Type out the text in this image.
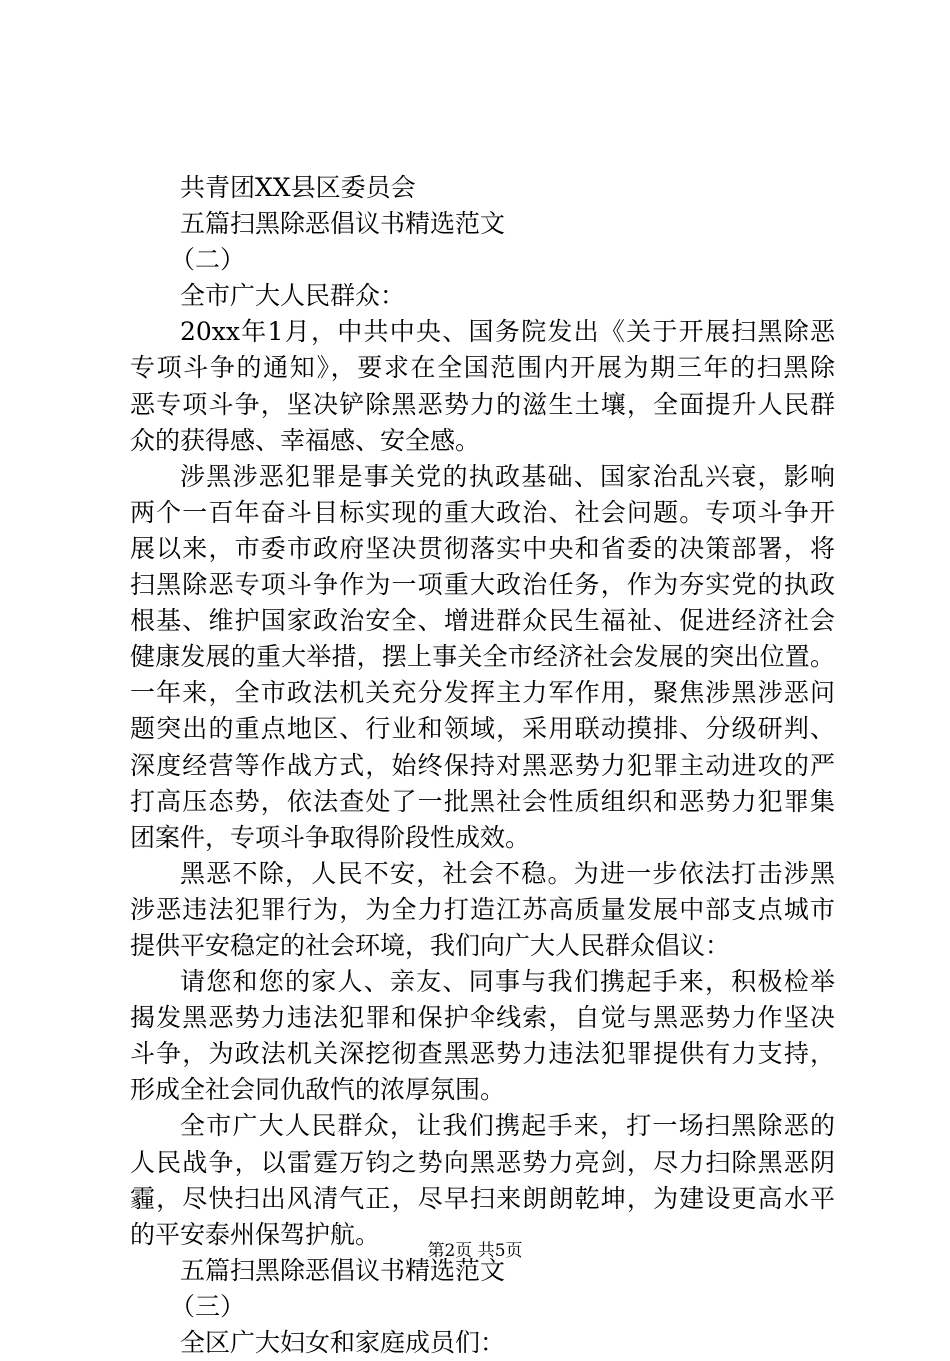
共青团XX县区委员会

五篇扫黑除恶倡议书精选范文

（二）

全市广大人民群众：

20xx年1月，中共中央、国务院发出《关于开展扫黑除恶

专项斗争的通知》，要求在全国范围内开展为期三年的扫黑除

恶专项斗争，坚决铲除黑恶势力的滋生土壤，全面提升人民群

众的获得感、幸福感、安全感。

涉黑涉恶犯罪是事关党的执政基础、国家治乱兴衰，影响

两个一百年奋斗目标实现的重大政治、社会问题。专项斗争开

展以来，市委市政府坚决贯彻落实中央和省委的决策部署，将

扫黑除恶专项斗争作为一项重大政治任务，作为夯实党的执政

根基、维护国家政治安全、增进群众民生福祉、促进经济社会

健康发展的重大举措，摆上事关全市经济社会发展的突出位置。

一年来，全市政法机关充分发挥主力军作用，聚焦涉黑涉恶问

题突出的重点地区、行业和领域，采用联动摸排、分级研判、

深度经营等作战方式，始终保持对黑恶势力犯罪主动进攻的严

打高压态势，依法查处了一批黑社会性质组织和恶势力犯罪集

团案件，专项斗争取得阶段性成效。

黑恶不除，人民不安，社会不稳。为进一步依法打击涉黑

涉恶违法犯罪行为，为全力打造江苏高质量发展中部支点城市

提供平安稳定的社会环境，我们向广大人民群众倡议：

请您和您的家人、亲友、同事与我们携起手来，积极检举

揭发黑恶势力违法犯罪和保护伞线索，自觉与黑恶势力作坚决

斗争，为政法机关深挖彻查黑恶势力违法犯罪提供有力支持，

形成全社会同仇敌忾的浓厚氛围。

全市广大人民群众，让我们携起手来，打一场扫黑除恶的

人民战争，以雷霆万钧之势向黑恶势力亮剑，尽力扫除黑恶阴

霾，尽快扫出风清气正，尽早扫来朗朗乾坤，为建设更高水平

的平安泰州保驾护航。

五篇扫黑除恶倡议书精选范文

（三）

全区广大妇女和家庭成员们：

第2页 共5页
